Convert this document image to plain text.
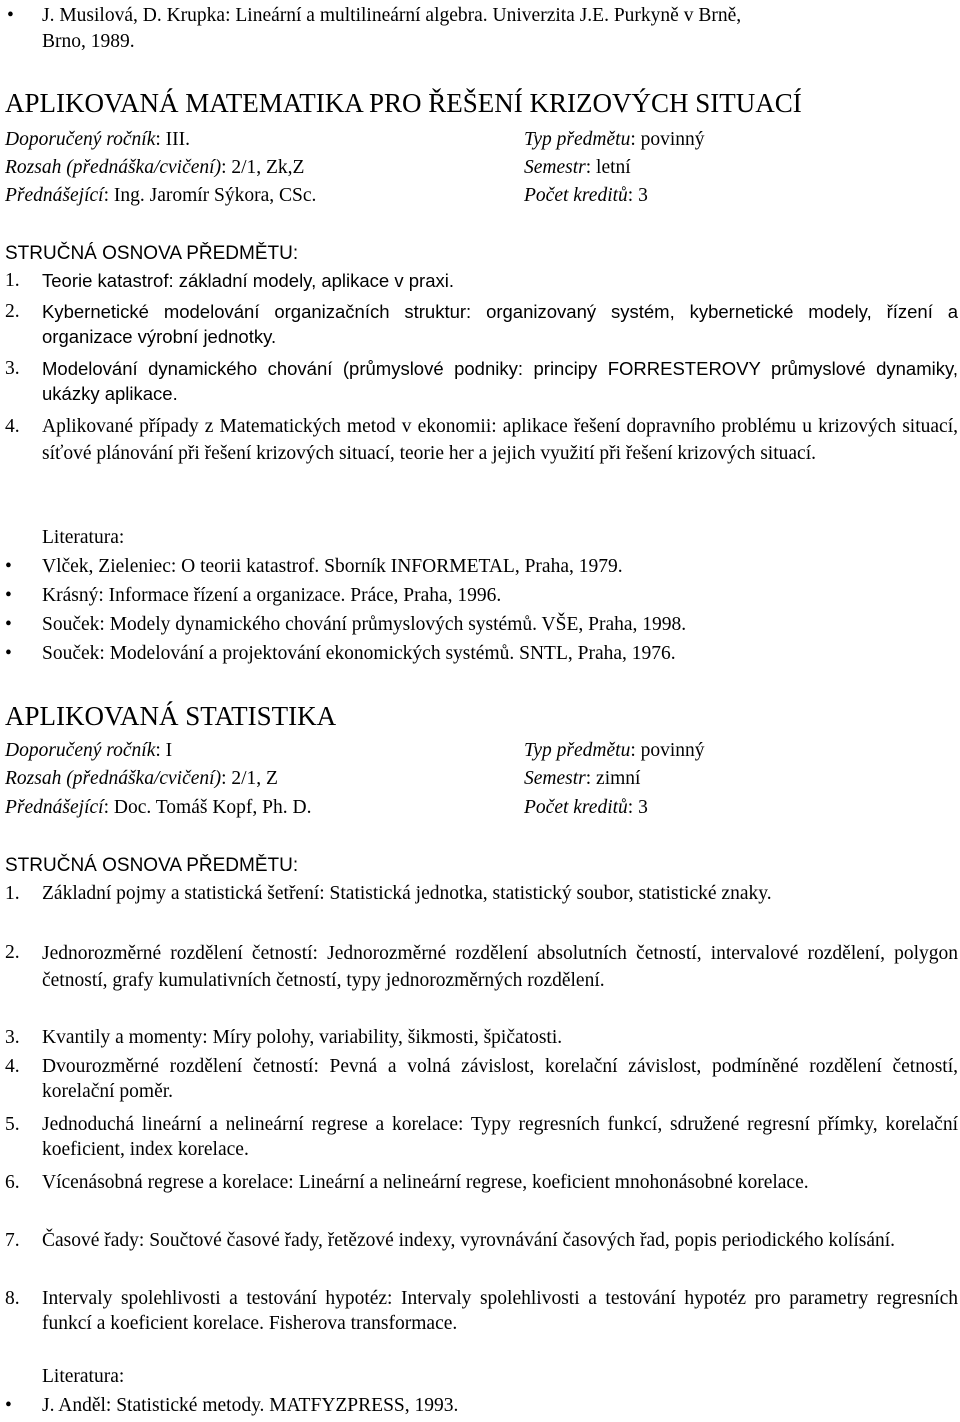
• J. Musilová, D. Krupka: Lineární a multilineární algebra. Univerzita J.E. Purkyně v Brně,
Brno, 1989.
APLIKOVANÁ MATEMATIKA PRO ŘEŠENÍ KRIZOVÝCH SITUACÍ
Doporučený ročník: III.	Typ předmětu: povinný
Rozsah (přednáška/cvičení): 2/1, Zk,Z	Semestr: letní
Přednášející: Ing. Jaromír Sýkora, CSc.	Počet kreditů: 3
STRUČNÁ OSNOVA PŘEDMĚTU:
1. Teorie katastrof: základní modely, aplikace v praxi.
2. Kybernetické modelování organizačních struktur: organizovaný systém, kybernetické modely, řízení a organizace výrobní jednotky.
3. Modelování dynamického chování (průmyslové podniky: principy FORRESTEROVY průmyslové dynamiky, ukázky aplikace.
4. Aplikované případy z Matematických metod v ekonomii: aplikace řešení dopravního problému u krizových situací, síťové plánování při řešení krizových situací, teorie her a jejich využití při řešení krizových situací.
Literatura:
• Vlček, Zieleniec: O teorii katastrof. Sborník INFORMETAL, Praha, 1979.
• Krásný: Informace řízení a organizace. Práce, Praha, 1996.
• Souček: Modely dynamického chování průmyslových systémů. VŠE, Praha, 1998.
• Souček: Modelování a projektování ekonomických systémů. SNTL, Praha, 1976.
APLIKOVANÁ STATISTIKA
Doporučený ročník: I	Typ předmětu: povinný
Rozsah (přednáška/cvičení): 2/1, Z	Semestr: zimní
Přednášející: Doc. Tomáš Kopf, Ph. D.	Počet kreditů: 3
STRUČNÁ OSNOVA PŘEDMĚTU:
1. Základní pojmy a statistická šetření: Statistická jednotka, statistický soubor, statistické znaky.
2. Jednorozměrné rozdělení četností: Jednorozměrné rozdělení absolutních četností, intervalové rozdělení, polygon četností, grafy kumulativních četností, typy jednorozměrných rozdělení.
3. Kvantily a momenty: Míry polohy, variability, šikmosti, špičatosti.
4. Dvourozměrné rozdělení četností: Pevná a volná závislost, korelační závislost, podmíněné rozdělení četností, korelační poměr.
5. Jednoduchá lineární a nelineární regrese a korelace: Typy regresních funkcí, sdružené regresní přímky, korelační koeficient, index korelace.
6. Vícenásobná regrese a korelace: Lineární a nelineární regrese, koeficient mnohonásobné korelace.
7. Časové řady: Součtové časové řady, řetězové indexy, vyrovnávání časových řad, popis periodického kolísání.
8. Intervaly spolehlivosti a testování hypotéz: Intervaly spolehlivosti a testování hypotéz pro parametry regresních funkcí a koeficient korelace. Fisherova transformace.
Literatura:
• J. Anděl: Statistické metody. MATFYZPRESS, 1993.
